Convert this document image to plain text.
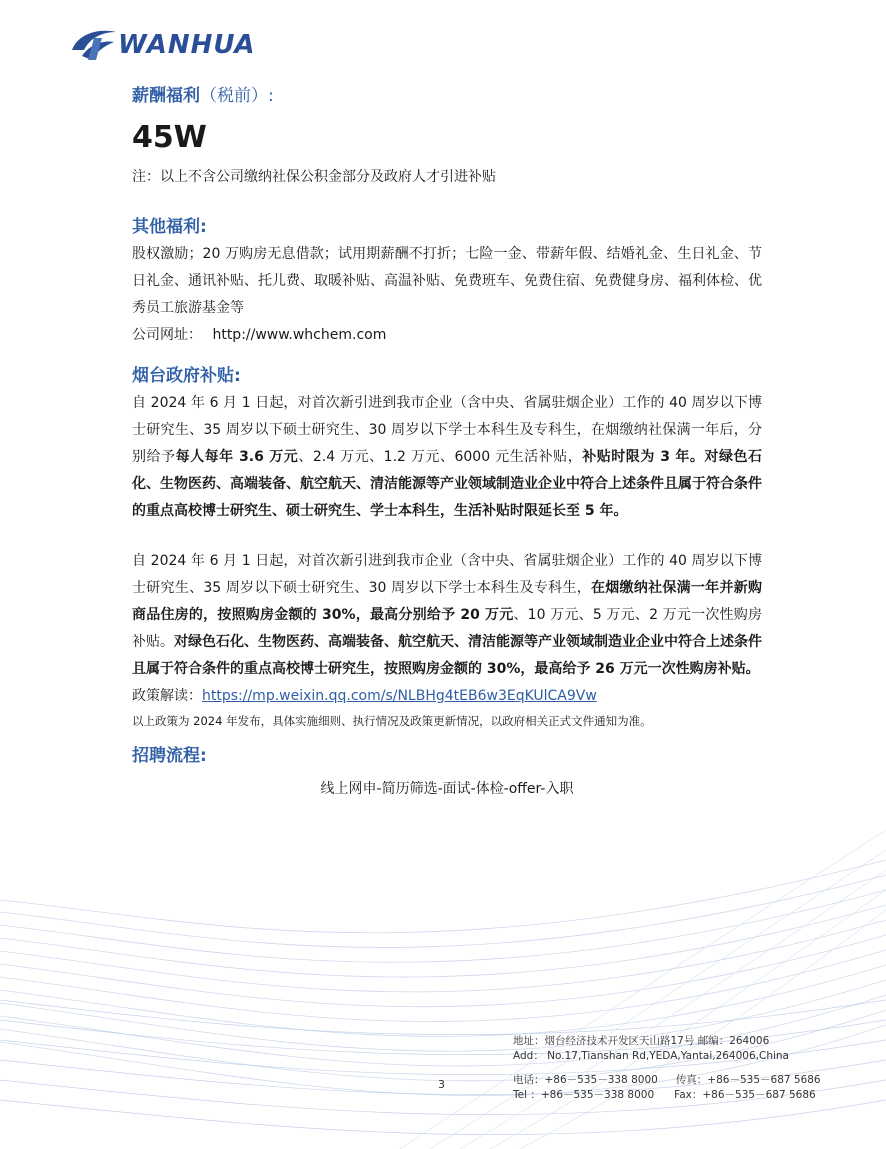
WANHUA
薪酬福利（税前）:
45W

注：以上不含公司缴纳社保公积金部分及政府人才引进补贴

其他福利:

股权激励；20 万购房无息借款；试用期薪酬不打折；七险一金、带薪年假、结婚礼金、生日礼金、节日礼金、通讯补贴、托儿费、取暖补贴、高温补贴、免费班车、免费住宿、免费健身房、福利体检、优秀员工旅游基金等

公司网址： http://www.whchem.com

烟台政府补贴:

自 2024 年 6 月 1 日起，对首次新引进到我市企业（含中央、省属驻烟企业）工作的 40 周岁以下博士研究生、35 周岁以下硕士研究生、30 周岁以下学士本科生及专科生，在烟缴纳社保满一年后，分别给予每人每年 3.6 万元、2.4 万元、1.2 万元、6000 元生活补贴，补贴时限为 3 年。对绿色石化、生物医药、高端装备、航空航天、清洁能源等产业领域制造业企业中符合上述条件且属于符合条件的重点高校博士研究生、硕士研究生、学士本科生，生活补贴时限延长至 5 年。

自 2024 年 6 月 1 日起，对首次新引进到我市企业（含中央、省属驻烟企业）工作的 40 周岁以下博士研究生、35 周岁以下硕士研究生、30 周岁以下学士本科生及专科生，在烟缴纳社保满一年并新购商品住房的，按照购房金额的 30%，最高分别给予 20 万元、10 万元、5 万元、2 万元一次性购房补贴。对绿色石化、生物医药、高端装备、航空航天、清洁能源等产业领域制造业企业中符合上述条件且属于符合条件的重点高校博士研究生，按照购房金额的 30%，最高给予 26 万元一次性购房补贴。

政策解读：https://mp.weixin.qq.com/s/NLBHg4tEB6w3EqKUlCA9Vw

以上政策为 2024 年发布，具体实施细则、执行情况及政策更新情况，以政府相关正式文件通知为准。

招聘流程:

线上网申-简历筛选-面试-体检-offer-入职

3
地址：烟台经济技术开发区天山路17号 邮编：264006
Add： No.17,Tianshan Rd,YEDA,Yantai,264006,China
电话：+86－535－338 8000 传真：+86－535－687 5686
Tel ：+86－535－338 8000 Fax：+86－535－687 5686
